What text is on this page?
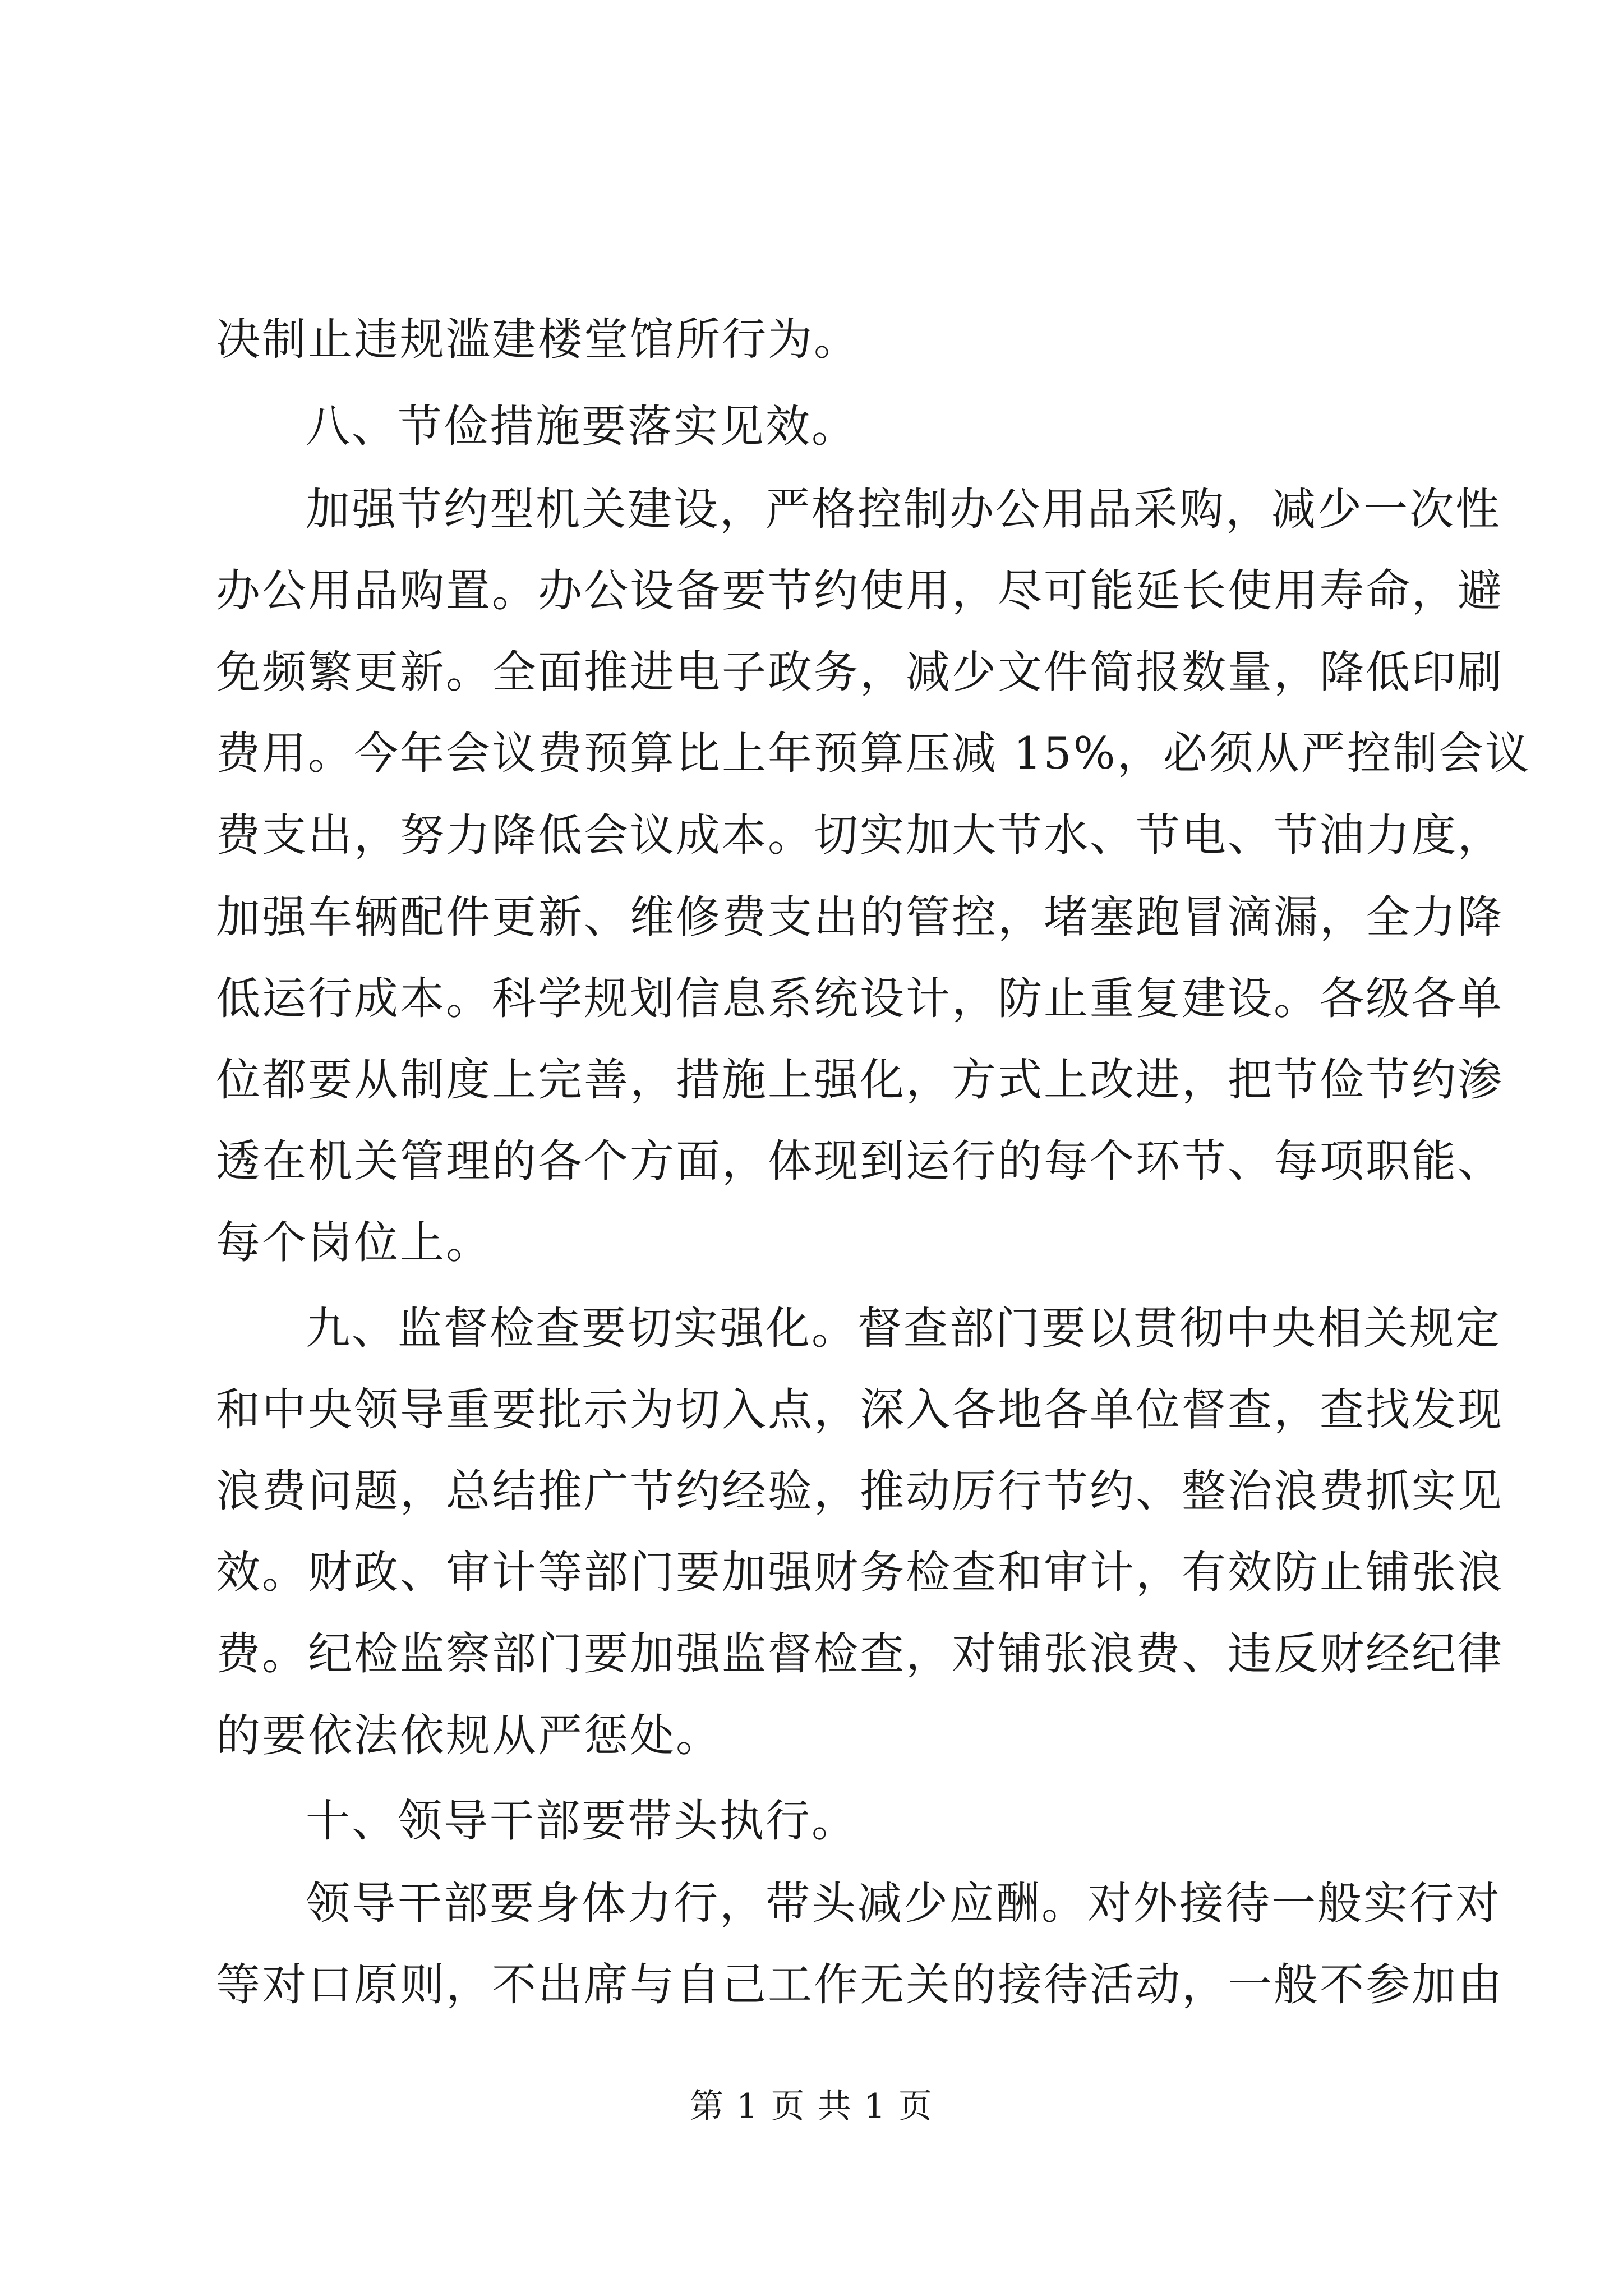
决制止违规滥建楼堂馆所行为。
八、节俭措施要落实见效。
加强节约型机关建设，严格控制办公用品采购，减少一次性
办公用品购置。办公设备要节约使用，尽可能延长使用寿命，避
免频繁更新。全面推进电子政务，减少文件简报数量，降低印刷
费用。今年会议费预算比上年预算压减 15%，必须从严控制会议
费支出，努力降低会议成本。切实加大节水、节电、节油力度，
加强车辆配件更新、维修费支出的管控，堵塞跑冒滴漏，全力降
低运行成本。科学规划信息系统设计，防止重复建设。各级各单
位都要从制度上完善，措施上强化，方式上改进，把节俭节约渗
透在机关管理的各个方面，体现到运行的每个环节、每项职能、
每个岗位上。
九、监督检查要切实强化。督查部门要以贯彻中央相关规定
和中央领导重要批示为切入点，深入各地各单位督查，查找发现
浪费问题，总结推广节约经验，推动厉行节约、整治浪费抓实见
效。财政、审计等部门要加强财务检查和审计，有效防止铺张浪
费。纪检监察部门要加强监督检查，对铺张浪费、违反财经纪律
的要依法依规从严惩处。
十、领导干部要带头执行。
领导干部要身体力行，带头减少应酬。对外接待一般实行对
等对口原则，不出席与自己工作无关的接待活动，一般不参加由
第 1 页 共 1 页
